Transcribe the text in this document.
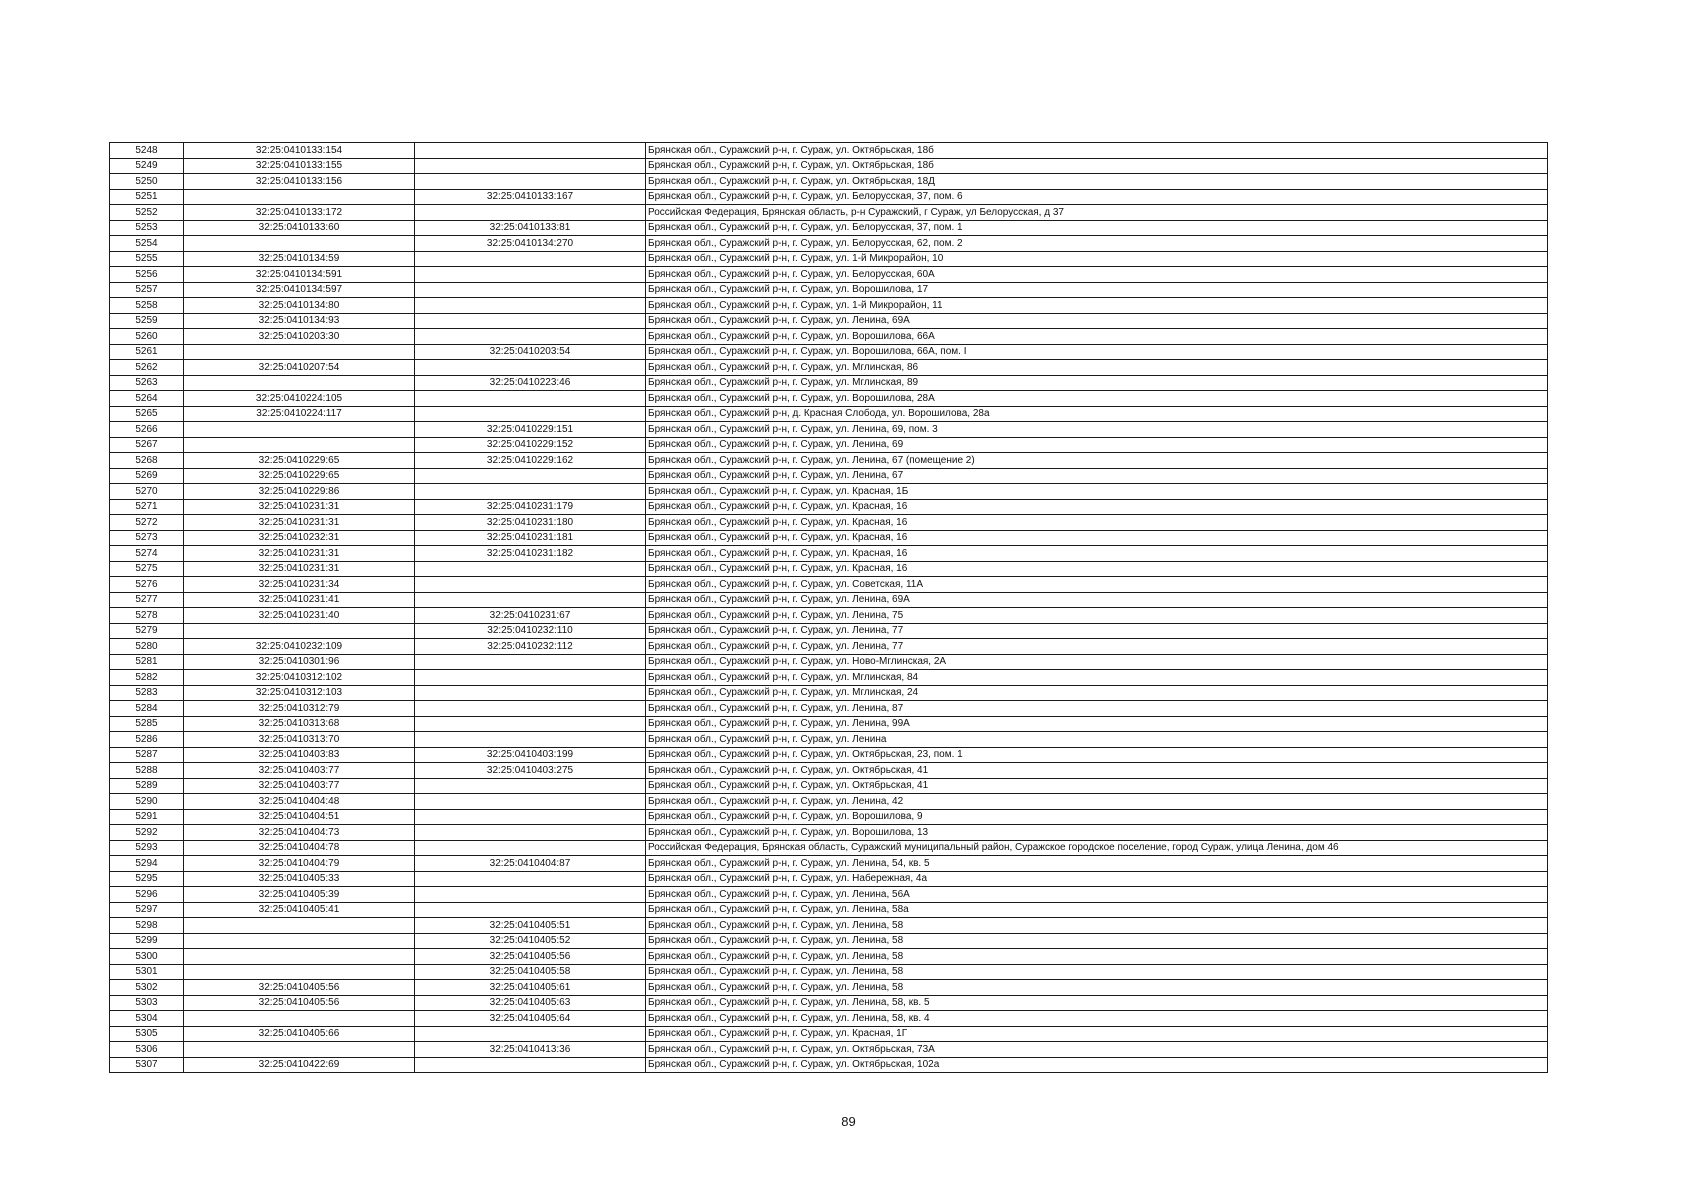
5248	32:25:0410133:154		Брянская обл., Суражский р-н, г. Сураж, ул. Октябрьская, 18б
5249	32:25:0410133:155		Брянская обл., Суражский р-н, г. Сураж, ул. Октябрьская, 18б
5250	32:25:0410133:156		Брянская обл., Суражский р-н, г. Сураж, ул. Октябрьская, 18Д
5251		32:25:0410133:167	Брянская обл., Суражский р-н, г. Сураж, ул. Белорусская, 37, пом. 6
5252	32:25:0410133:172		Российская Федерация, Брянская область, р-н Суражский, г Сураж, ул Белорусская, д 37
5253	32:25:0410133:60	32:25:0410133:81	Брянская обл., Суражский р-н, г. Сураж, ул. Белорусская, 37, пом. 1
5254		32:25:0410134:270	Брянская обл., Суражский р-н, г. Сураж, ул. Белорусская, 62, пом. 2
5255	32:25:0410134:59		Брянская обл., Суражский р-н, г. Сураж, ул. 1-й Микрорайон, 10
5256	32:25:0410134:591		Брянская обл., Суражский р-н, г. Сураж, ул. Белорусская, 60А
5257	32:25:0410134:597		Брянская обл., Суражский р-н, г. Сураж, ул. Ворошилова, 17
5258	32:25:0410134:80		Брянская обл., Суражский р-н, г. Сураж, ул. 1-й Микрорайон, 11
5259	32:25:0410134:93		Брянская обл., Суражский р-н, г. Сураж, ул. Ленина, 69А
5260	32:25:0410203:30		Брянская обл., Суражский р-н, г. Сураж, ул. Ворошилова, 66А
5261		32:25:0410203:54	Брянская обл., Суражский р-н, г. Сураж, ул. Ворошилова, 66А, пом. I
5262	32:25:0410207:54		Брянская обл., Суражский р-н, г. Сураж, ул. Мглинская, 86
5263		32:25:0410223:46	Брянская обл., Суражский р-н, г. Сураж, ул. Мглинская, 89
5264	32:25:0410224:105		Брянская обл., Суражский р-н, г. Сураж, ул. Ворошилова, 28А
5265	32:25:0410224:117		Брянская обл., Суражский р-н, д. Красная Слобода, ул. Ворошилова, 28а
5266		32:25:0410229:151	Брянская обл., Суражский р-н, г. Сураж, ул. Ленина, 69, пом. 3
5267		32:25:0410229:152	Брянская обл., Суражский р-н, г. Сураж, ул. Ленина, 69
5268	32:25:0410229:65	32:25:0410229:162	Брянская обл., Суражский р-н, г. Сураж, ул. Ленина, 67 (помещение 2)
5269	32:25:0410229:65		Брянская обл., Суражский р-н, г. Сураж, ул. Ленина, 67
5270	32:25:0410229:86		Брянская обл., Суражский р-н, г. Сураж, ул. Красная, 1Б
5271	32:25:0410231:31	32:25:0410231:179	Брянская обл., Суражский р-н, г. Сураж, ул. Красная, 16
5272	32:25:0410231:31	32:25:0410231:180	Брянская обл., Суражский р-н, г. Сураж, ул. Красная, 16
5273	32:25:0410232:31	32:25:0410231:181	Брянская обл., Суражский р-н, г. Сураж, ул. Красная, 16
5274	32:25:0410231:31	32:25:0410231:182	Брянская обл., Суражский р-н, г. Сураж, ул. Красная, 16
5275	32:25:0410231:31		Брянская обл., Суражский р-н, г. Сураж, ул. Красная, 16
5276	32:25:0410231:34		Брянская обл., Суражский р-н, г. Сураж, ул. Советская, 11А
5277	32:25:0410231:41		Брянская обл., Суражский р-н, г. Сураж, ул. Ленина, 69А
5278	32:25:0410231:40	32:25:0410231:67	Брянская обл., Суражский р-н, г. Сураж, ул. Ленина, 75
5279		32:25:0410232:110	Брянская обл., Суражский р-н, г. Сураж, ул. Ленина, 77
5280	32:25:0410232:109	32:25:0410232:112	Брянская обл., Суражский р-н, г. Сураж, ул. Ленина, 77
5281	32:25:0410301:96		Брянская обл., Суражский р-н, г. Сураж, ул. Ново-Мглинская, 2А
5282	32:25:0410312:102		Брянская обл., Суражский р-н, г. Сураж, ул. Мглинская, 84
5283	32:25:0410312:103		Брянская обл., Суражский р-н, г. Сураж, ул. Мглинская, 24
5284	32:25:0410312:79		Брянская обл., Суражский р-н, г. Сураж, ул. Ленина, 87
5285	32:25:0410313:68		Брянская обл., Суражский р-н, г. Сураж, ул. Ленина, 99А
5286	32:25:0410313:70		Брянская обл., Суражский р-н, г. Сураж, ул. Ленина
5287	32:25:0410403:83	32:25:0410403:199	Брянская обл., Суражский р-н, г. Сураж, ул. Октябрьская, 23, пом. 1
5288	32:25:0410403:77	32:25:0410403:275	Брянская обл., Суражский р-н, г. Сураж, ул. Октябрьская, 41
5289	32:25:0410403:77		Брянская обл., Суражский р-н, г. Сураж, ул. Октябрьская, 41
5290	32:25:0410404:48		Брянская обл., Суражский р-н, г. Сураж, ул. Ленина, 42
5291	32:25:0410404:51		Брянская обл., Суражский р-н, г. Сураж, ул. Ворошилова, 9
5292	32:25:0410404:73		Брянская обл., Суражский р-н, г. Сураж, ул. Ворошилова, 13
5293	32:25:0410404:78		Российская Федерация, Брянская область, Суражский муниципальный район, Суражское городское поселение, город Сураж, улица Ленина, дом 46
5294	32:25:0410404:79	32:25:0410404:87	Брянская обл., Суражский р-н, г. Сураж, ул. Ленина, 54, кв. 5
5295	32:25:0410405:33		Брянская обл., Суражский р-н, г. Сураж, ул. Набережная, 4а
5296	32:25:0410405:39		Брянская обл., Суражский р-н, г. Сураж, ул. Ленина, 56А
5297	32:25:0410405:41		Брянская обл., Суражский р-н, г. Сураж, ул. Ленина, 58а
5298		32:25:0410405:51	Брянская обл., Суражский р-н, г. Сураж, ул. Ленина, 58
5299		32:25:0410405:52	Брянская обл., Суражский р-н, г. Сураж, ул. Ленина, 58
5300		32:25:0410405:56	Брянская обл., Суражский р-н, г. Сураж, ул. Ленина, 58
5301		32:25:0410405:58	Брянская обл., Суражский р-н, г. Сураж, ул. Ленина, 58
5302	32:25:0410405:56	32:25:0410405:61	Брянская обл., Суражский р-н, г. Сураж, ул. Ленина, 58
5303	32:25:0410405:56	32:25:0410405:63	Брянская обл., Суражский р-н, г. Сураж, ул. Ленина, 58, кв. 5
5304		32:25:0410405:64	Брянская обл., Суражский р-н, г. Сураж, ул. Ленина, 58, кв. 4
5305	32:25:0410405:66		Брянская обл., Суражский р-н, г. Сураж, ул. Красная, 1Г
5306		32:25:0410413:36	Брянская обл., Суражский р-н, г. Сураж, ул. Октябрьская, 73А
5307	32:25:0410422:69		Брянская обл., Суражский р-н, г. Сураж, ул. Октябрьская, 102а
89
